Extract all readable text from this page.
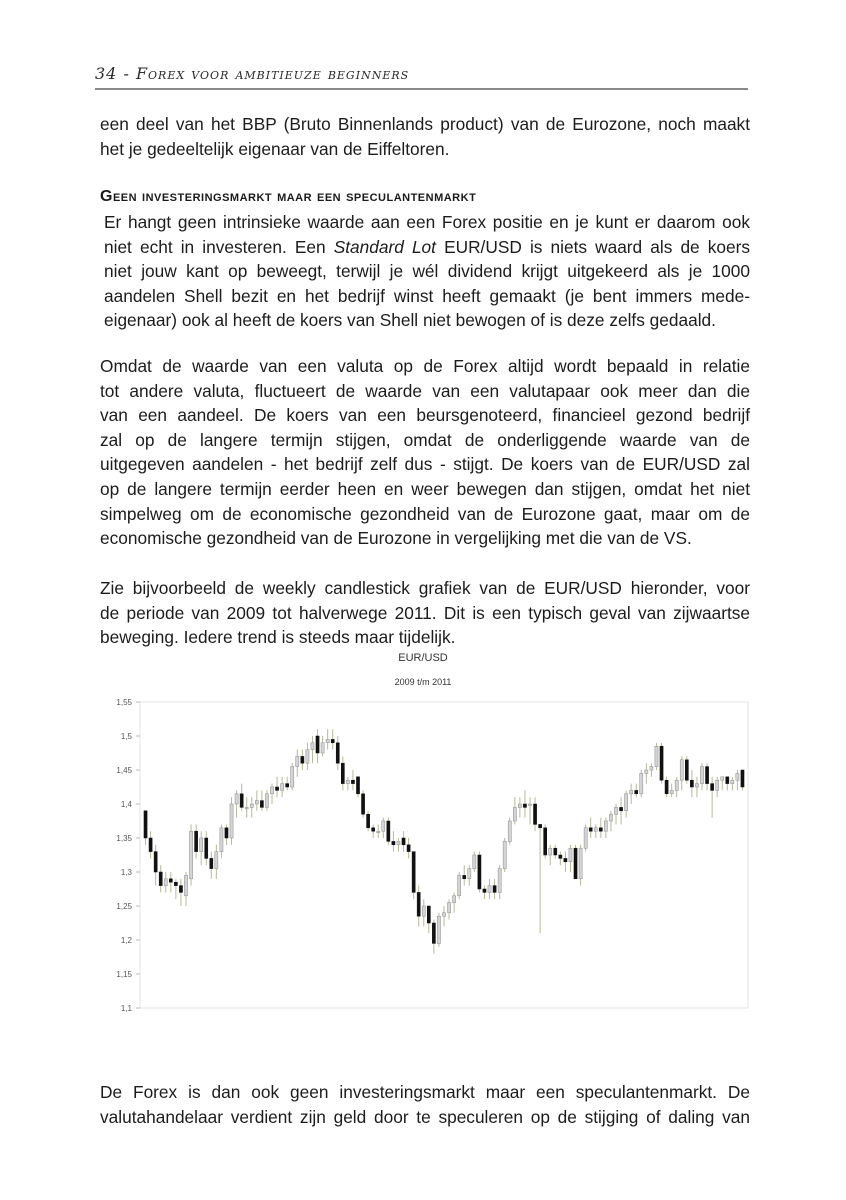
34 - Forex voor ambitieuze beginners
een deel van het BBP (Bruto Binnenlands product) van de Eurozone, noch maakt
het je gedeeltelijk eigenaar van de Eiffeltoren.
Geen investeringsmarkt maar een speculantenmarkt
Er hangt geen intrinsieke waarde aan een Forex positie en je kunt er daarom ook
niet echt in investeren. Een Standard Lot EUR/USD is niets waard als de koers
niet jouw kant op beweegt, terwijl je wél dividend krijgt uitgekeerd als je 1000
aandelen Shell bezit en het bedrijf winst heeft gemaakt (je bent immers mede-
eigenaar) ook al heeft de koers van Shell niet bewogen of is deze zelfs gedaald.
Omdat de waarde van een valuta op de Forex altijd wordt bepaald in relatie
tot andere valuta, fluctueert de waarde van een valutapaar ook meer dan die
van een aandeel. De koers van een beursgenoteerd, financieel gezond bedrijf
zal op de langere termijn stijgen, omdat de onderliggende waarde van de
uitgegeven aandelen - het bedrijf zelf dus - stijgt. De koers van de EUR/USD zal
op de langere termijn eerder heen en weer bewegen dan stijgen, omdat het niet
simpelweg om de economische gezondheid van de Eurozone gaat, maar om de
economische gezondheid van de Eurozone in vergelijking met die van de VS.
Zie bijvoorbeeld de weekly candlestick grafiek van de EUR/USD hieronder, voor
de periode van 2009 tot halverwege 2011. Dit is een typisch geval van zijwaartse
beweging. Iedere trend is steeds maar tijdelijk.
EUR/USD
2009 t/m 2011
1,1
1,15
1,2
1,25
1,3
1,35
1,4
1,45
1,5
1,55
De Forex is dan ook geen investeringsmarkt maar een speculantenmarkt. De
valutahandelaar verdient zijn geld door te speculeren op de stijging of daling van
